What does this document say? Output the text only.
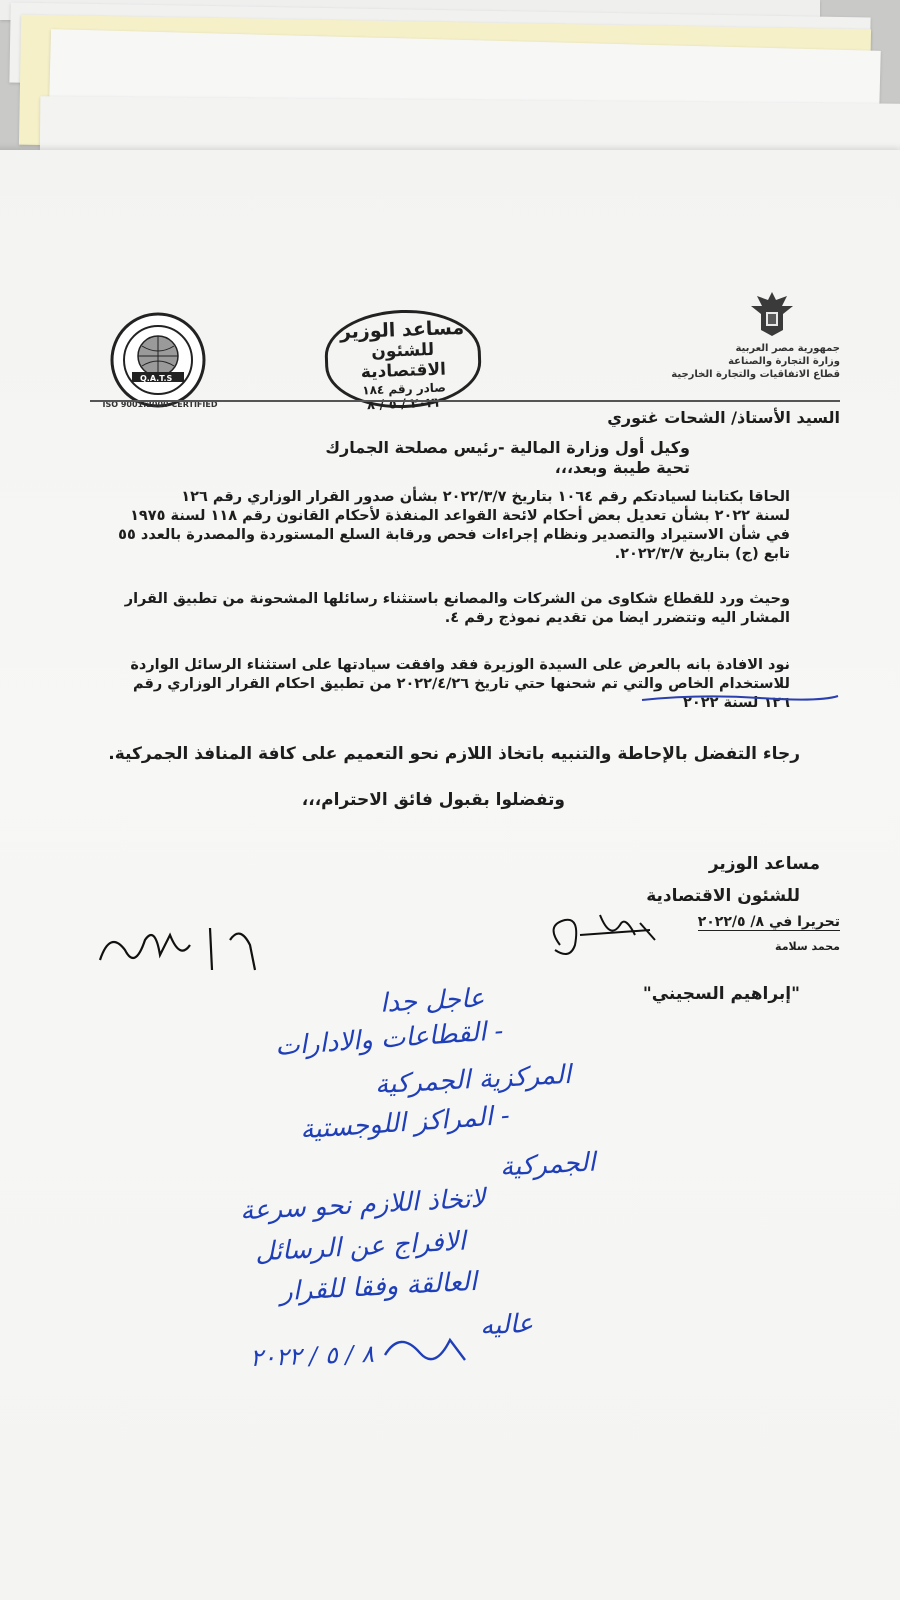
جمهورية مصر العربية
وزارة التجارة والصناعة
قطاع الاتفاقيات والتجارة الخارجية
مساعد الوزير
للشئون الاقتصادية
صادر رقم ١٨٤
٢٠٢٢ / ٥ / ٨
Q.A.T.S
ISO 9001:2000 CERTIFIED
السيد الأستاذ/ الشحات غتوري
وكيل أول وزارة المالية -رئيس مصلحة الجمارك
تحية طيبة وبعد،،،
الحاقا بكتابنا لسيادتكم رقم ١٠٦٤ بتاريخ ٢٠٢٢/٣/٧ بشأن صدور القرار الوزاري رقم ١٢٦
لسنة ٢٠٢٢ بشأن تعديل بعض أحكام لائحة القواعد المنفذة لأحكام القانون رقم ١١٨ لسنة ١٩٧٥
في شأن الاستيراد والتصدير ونظام إجراءات فحص ورقابة السلع المستوردة والمصدرة بالعدد ٥٥
تابع (ج) بتاريخ ٢٠٢٢/٣/٧.
وحيث ورد للقطاع شكاوى من الشركات والمصانع باستثناء رسائلها المشحونة من تطبيق القرار
المشار اليه وتتضرر ايضا من تقديم نموذج رقم ٤.
نود الافادة بانه بالعرض على السيدة الوزيرة فقد وافقت سيادتها على استثناء الرسائل الواردة
للاستخدام الخاص والتي تم شحنها حتي تاريخ ٢٠٢٢/٤/٢٦ من تطبيق احكام القرار الوزاري رقم
١٢٦ لسنة ٢٠٢٢
رجاء التفضل بالإحاطة والتنبيه باتخاذ اللازم نحو التعميم على كافة المنافذ الجمركية.
وتفضلوا بقبول فائق الاحترام،،،
مساعد الوزير
للشئون الاقتصادية
"إبراهيم السجيني"
تحريرا في ٨/ ٢٠٢٢/٥
محمد سلامة
عاجل جدا
- القطاعات والادارات
المركزية الجمركية
- المراكز اللوجستية
الجمركية
لاتخاذ اللازم نحو سرعة
الافراج عن الرسائل
العالقة وفقا للقرار
عاليه
٨ / ٥ / ٢٠٢٢
